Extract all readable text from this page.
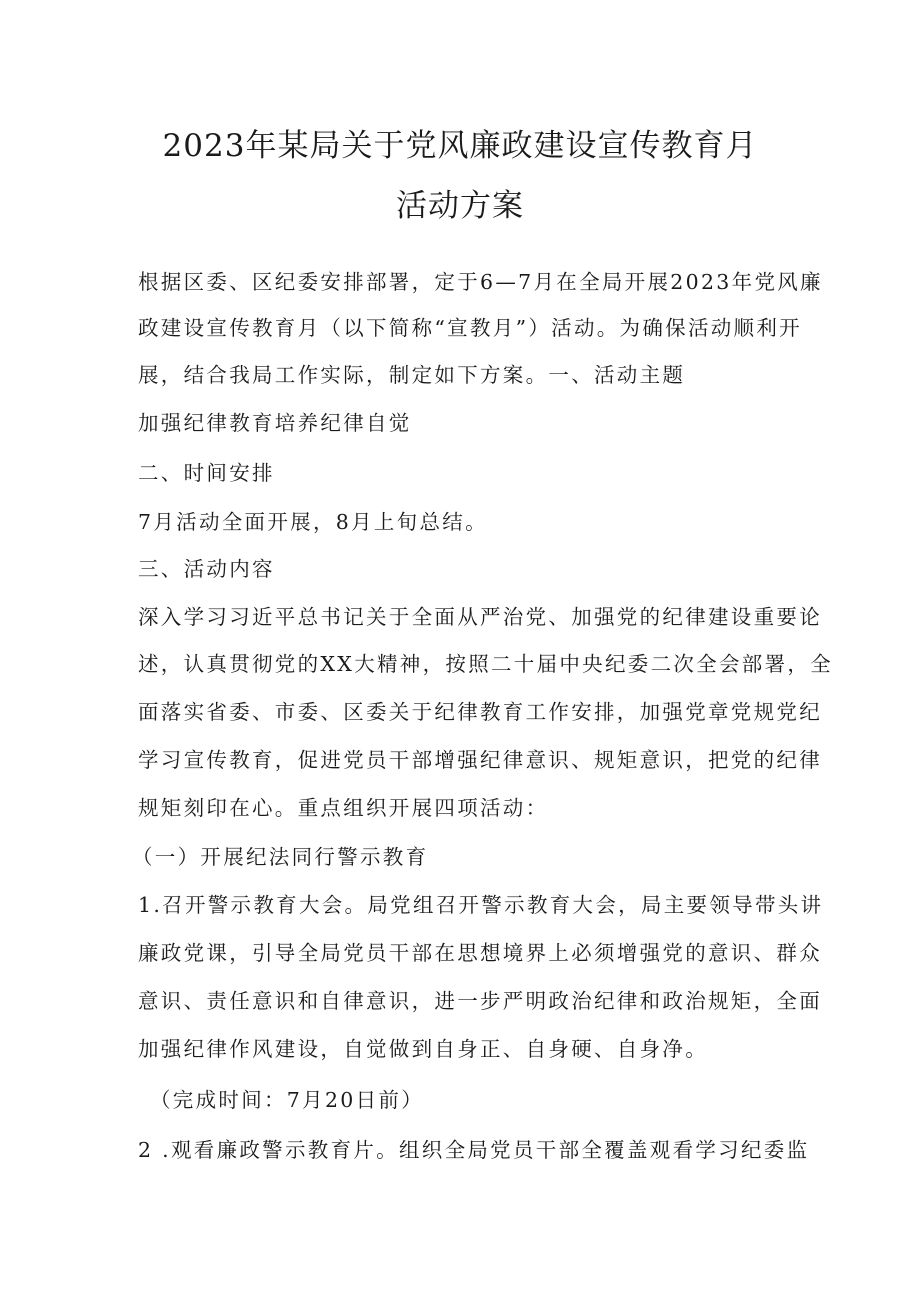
2023年某局关于党风廉政建设宣传教育月
活动方案
根据区委、区纪委安排部署，定于6—7月在全局开展2023年党风廉
政建设宣传教育月（以下简称“宣教月”）活动。为确保活动顺利开
展，结合我局工作实际，制定如下方案。一、活动主题
加强纪律教育培养纪律自觉
二、时间安排
7月活动全面开展，8月上旬总结。
三、活动内容
深入学习习近平总书记关于全面从严治党、加强党的纪律建设重要论
述，认真贯彻党的XX大精神，按照二十届中央纪委二次全会部署，全
面落实省委、市委、区委关于纪律教育工作安排，加强党章党规党纪
学习宣传教育，促进党员干部增强纪律意识、规矩意识，把党的纪律
规矩刻印在心。重点组织开展四项活动：
（一）开展纪法同行警示教育
1.召开警示教育大会。局党组召开警示教育大会，局主要领导带头讲
廉政党课，引导全局党员干部在思想境界上必须增强党的意识、群众
意识、责任意识和自律意识，进一步严明政治纪律和政治规矩，全面
加强纪律作风建设，自觉做到自身正、自身硬、自身净。
（完成时间：7月20日前）
2 .观看廉政警示教育片。组织全局党员干部全覆盖观看学习纪委监
